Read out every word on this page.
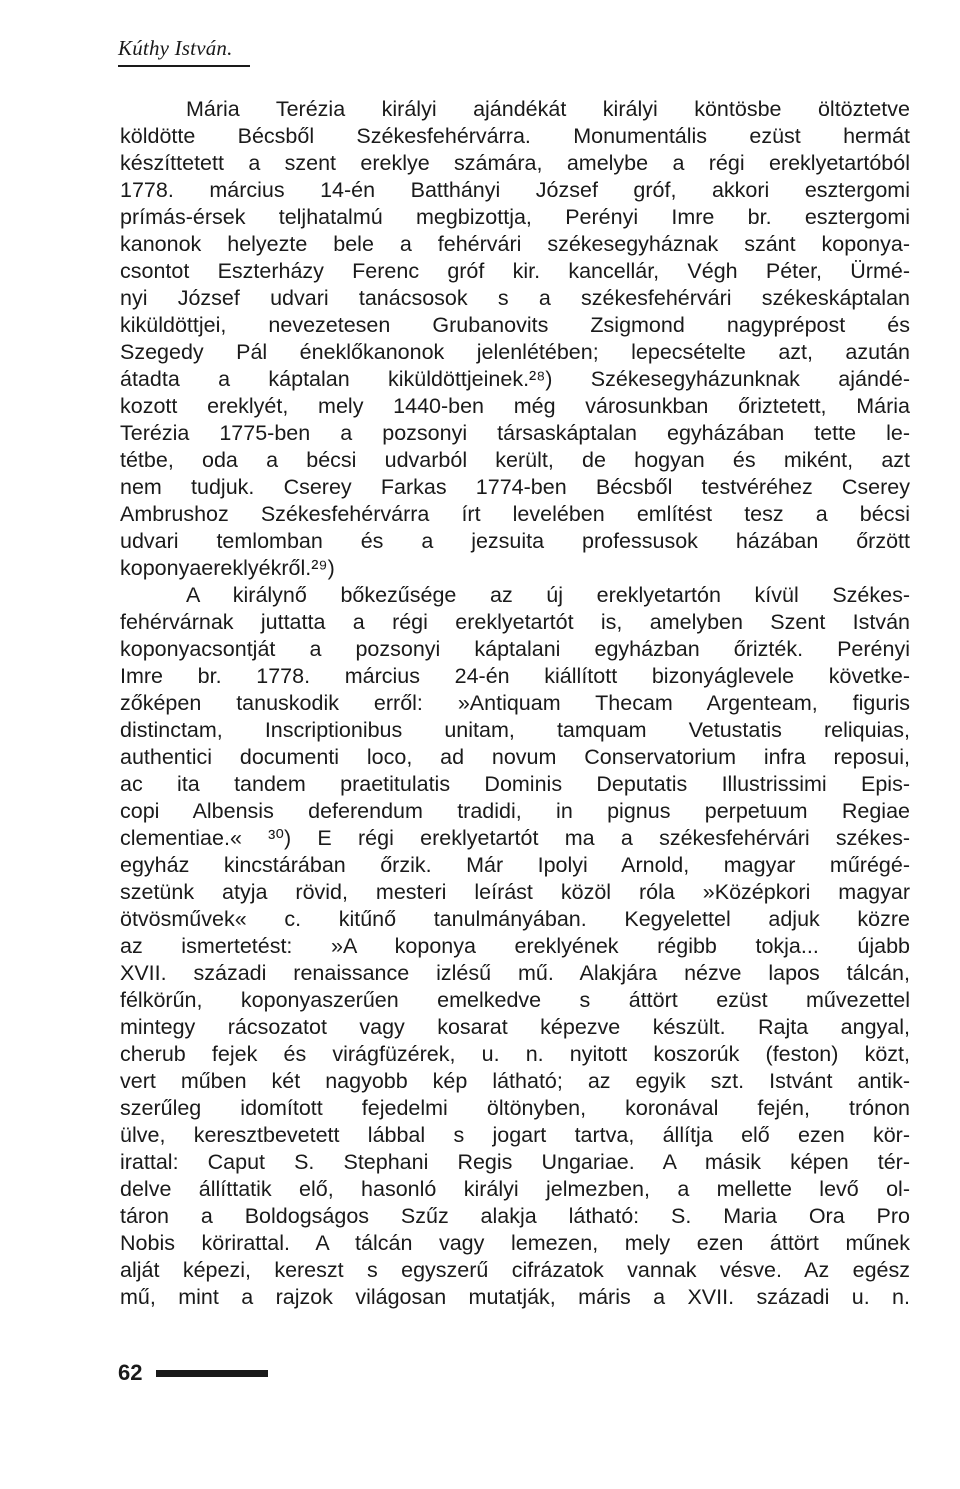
Kúthy István.
Mária Terézia királyi ajándékát királyi köntösbe öltöztetve
köldötte Bécsből Székesfehérvárra. Monumentális ezüst hermát
készíttetett a szent ereklye számára, amelybe a régi ereklyetartóból
1778. március 14-én Batthányi József gróf, akkori esztergomi
prímás-érsek teljhatalmú megbizottja, Perényi Imre br. esztergomi
kanonok helyezte bele a fehérvári székesegyháznak szánt koponya-
csontot Eszterházy Ferenc gróf kir. kancellár, Végh Péter, Ürmé-
nyi József udvari tanácsosok s a székesfehérvári székeskáptalan
kiküldöttjei, nevezetesen Grubanovits Zsigmond nagyprépost és
Szegedy Pál éneklőkanonok jelenlétében; lepecsételte azt, azután
átadta a káptalan kiküldöttjeinek.²⁸) Székesegyházunknak ajándé-
kozott ereklyét, mely 1440-ben még városunkban őriztetett, Mária
Terézia 1775-ben a pozsonyi társaskáptalan egyházában tette le-
tétbe, oda a bécsi udvarból került, de hogyan és miként, azt
nem tudjuk. Cserey Farkas 1774-ben Bécsből testvéréhez Cserey
Ambrushoz Székesfehérvárra írt levelében említést tesz a bécsi
udvari temlomban és a jezsuita professusok házában őrzött
koponyaereklyékről.²⁹)
A királynő bőkezűsége az új ereklyetartón kívül Székes-
fehérvárnak juttatta a régi ereklyetartót is, amelyben Szent István
koponyacsontját a pozsonyi káptalani egyházban őrizték. Perényi
Imre br. 1778. március 24-én kiállított bizonyáglevele követke-
zőképen tanuskodik erről: »Antiquam Thecam Argenteam, figuris
distinctam, Inscriptionibus unitam, tamquam Vetustatis reliquias,
authentici documenti loco, ad novum Conservatorium infra reposui,
ac ita tandem praetitulatis Dominis Deputatis Illustrissimi Epis-
copi Albensis deferendum tradidi, in pignus perpetuum Regiae
clementiae.« ³⁰) E régi ereklyetartót ma a székesfehérvári székes-
egyház kincstárában őrzik. Már Ipolyi Arnold, magyar műrégé-
szetünk atyja rövid, mesteri leírást közöl róla »Középkori magyar
ötvösművek« c. kitűnő tanulmányában. Kegyelettel adjuk közre
az ismertetést: »A koponya ereklyének régibb tokja... újabb
XVII. századi renaissance izlésű mű. Alakjára nézve lapos tálcán,
félkörűn, koponyaszerűen emelkedve s áttört ezüst művezettel
mintegy rácsozatot vagy kosarat képezve készült. Rajta angyal,
cherub fejek és virágfüzérek, u. n. nyitott koszorúk (feston) közt,
vert műben két nagyobb kép látható; az egyik szt. Istvánt antik-
szerűleg idomított fejedelmi öltönyben, koronával fején, trónon
ülve, keresztbevetett lábbal s jogart tartva, állítja elő ezen kör-
irattal: Caput S. Stephani Regis Ungariae. A másik képen tér-
delve állíttatik elő, hasonló királyi jelmezben, a mellette levő ol-
táron a Boldogságos Szűz alakja látható: S. Maria Ora Pro
Nobis körirattal. A tálcán vagy lemezen, mely ezen áttört műnek
alját képezi, kereszt s egyszerű cifrázatok vannak vésve. Az egész
mű, mint a rajzok világosan mutatják, máris a XVII. századi u. n.
62
